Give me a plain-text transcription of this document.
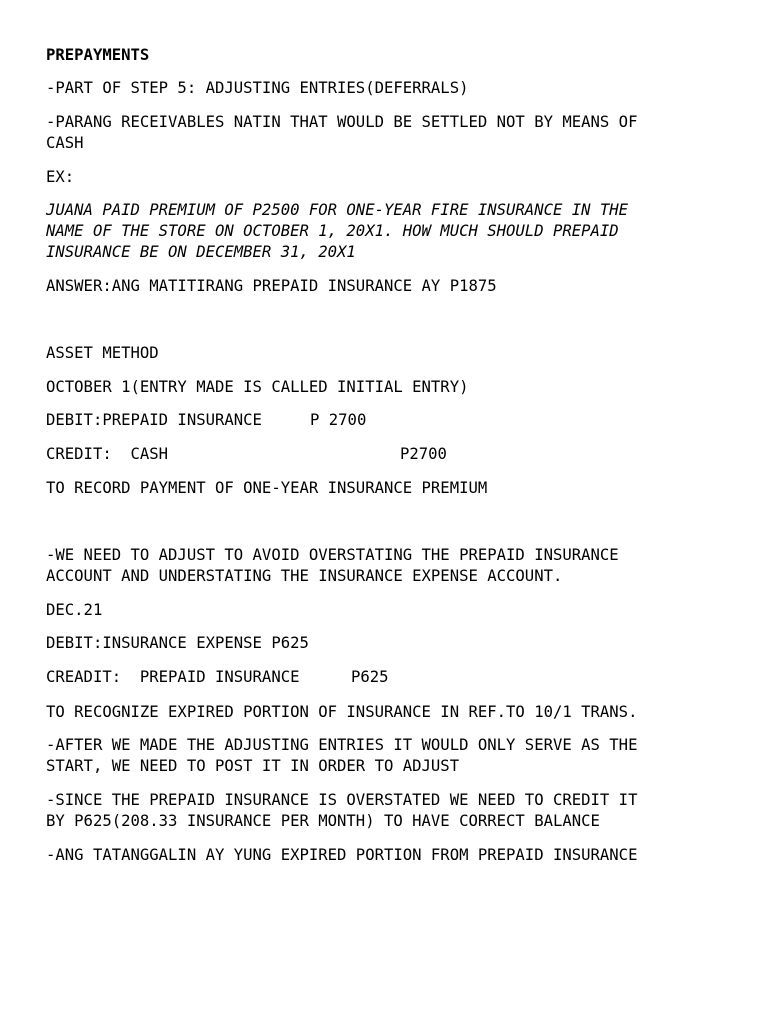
PREPAYMENTS

-PART OF STEP 5: ADJUSTING ENTRIES(DEFERRALS)

-PARANG RECEIVABLES NATIN THAT WOULD BE SETTLED NOT BY MEANS OF

CASH

EX:

JUANA PAID PREMIUM OF P2500 FOR ONE-YEAR FIRE INSURANCE IN THE

NAME OF THE STORE ON OCTOBER 1, 20X1. HOW MUCH SHOULD PREPAID

INSURANCE BE ON DECEMBER 31, 20X1

ANSWER:ANG MATITIRANG PREPAID INSURANCE AY P1875

ASSET METHOD

OCTOBER 1(ENTRY MADE IS CALLED INITIAL ENTRY)

DEBIT:PREPAID INSURANCE	P 2700

CREDIT:  CASH	P2700

TO RECORD PAYMENT OF ONE-YEAR INSURANCE PREMIUM

-WE NEED TO ADJUST TO AVOID OVERSTATING THE PREPAID INSURANCE

ACCOUNT AND UNDERSTATING THE INSURANCE EXPENSE ACCOUNT.

DEC.21

DEBIT:INSURANCE EXPENSE P625

CREADIT:  PREPAID INSURANCE	P625

TO RECOGNIZE EXPIRED PORTION OF INSURANCE IN REF.TO 10/1 TRANS.

-AFTER WE MADE THE ADJUSTING ENTRIES IT WOULD ONLY SERVE AS THE

START, WE NEED TO POST IT IN ORDER TO ADJUST

-SINCE THE PREPAID INSURANCE IS OVERSTATED WE NEED TO CREDIT IT

BY P625(208.33 INSURANCE PER MONTH) TO HAVE CORRECT BALANCE

-ANG TATANGGALIN AY YUNG EXPIRED PORTION FROM PREPAID INSURANCE
